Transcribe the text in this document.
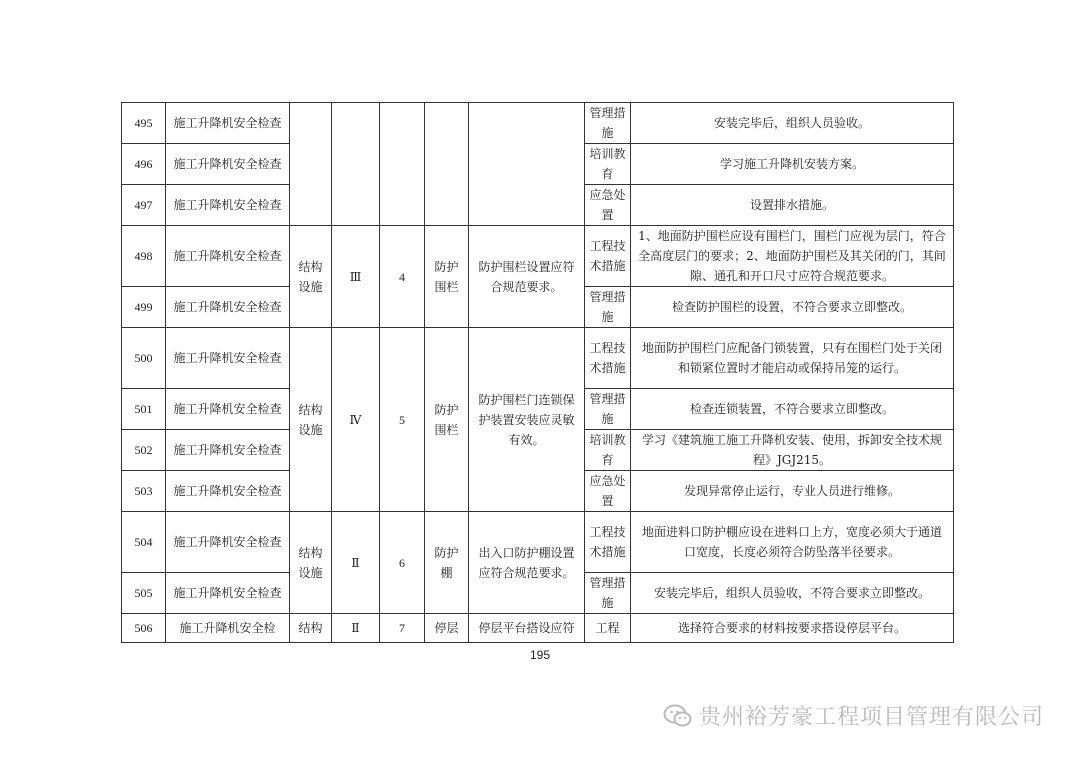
495	施工升降机安全检查						管理措施	安装完毕后，组织人员验收。
496	施工升降机安全检查						培训教育	学习施工升降机安装方案。
497	施工升降机安全检查						应急处置	设置排水措施。
498	施工升降机安全检查	结构设施	Ⅲ	4	防护围栏	防护围栏设置应符合规范要求。	工程技术措施	1、地面防护围栏应设有围栏门，围栏门应视为层门，符合全高度层门的要求；2、地面防护围栏及其关闭的门，其间隙、通孔和开口尺寸应符合规范要求。
499	施工升降机安全检查						管理措施	检查防护围栏的设置，不符合要求立即整改。
500	施工升降机安全检查	结构设施	Ⅳ	5	防护围栏	防护围栏门连锁保护装置安装应灵敏有效。	工程技术措施	地面防护围栏门应配备门锁装置，只有在围栏门处于关闭和锁紧位置时才能启动或保持吊笼的运行。
501	施工升降机安全检查						管理措施	检查连锁装置，不符合要求立即整改。
502	施工升降机安全检查						培训教育	学习《建筑施工施工升降机安装、使用，拆卸安全技术规程》JGJ215。
503	施工升降机安全检查						应急处置	发现异常停止运行，专业人员进行维修。
504	施工升降机安全检查	结构设施	Ⅱ	6	防护棚	出入口防护棚设置应符合规范要求。	工程技术措施	地面进料口防护棚应设在进料口上方，宽度必须大于通道口宽度，长度必须符合防坠落半径要求。
505	施工升降机安全检查						管理措施	安装完毕后，组织人员验收，不符合要求立即整改。
506	施工升降机安全检	结构	Ⅱ	7	停层	停层平台搭设应符	工程	选择符合要求的材料按要求搭设停层平台。
195
贵州裕芳豪工程项目管理有限公司
